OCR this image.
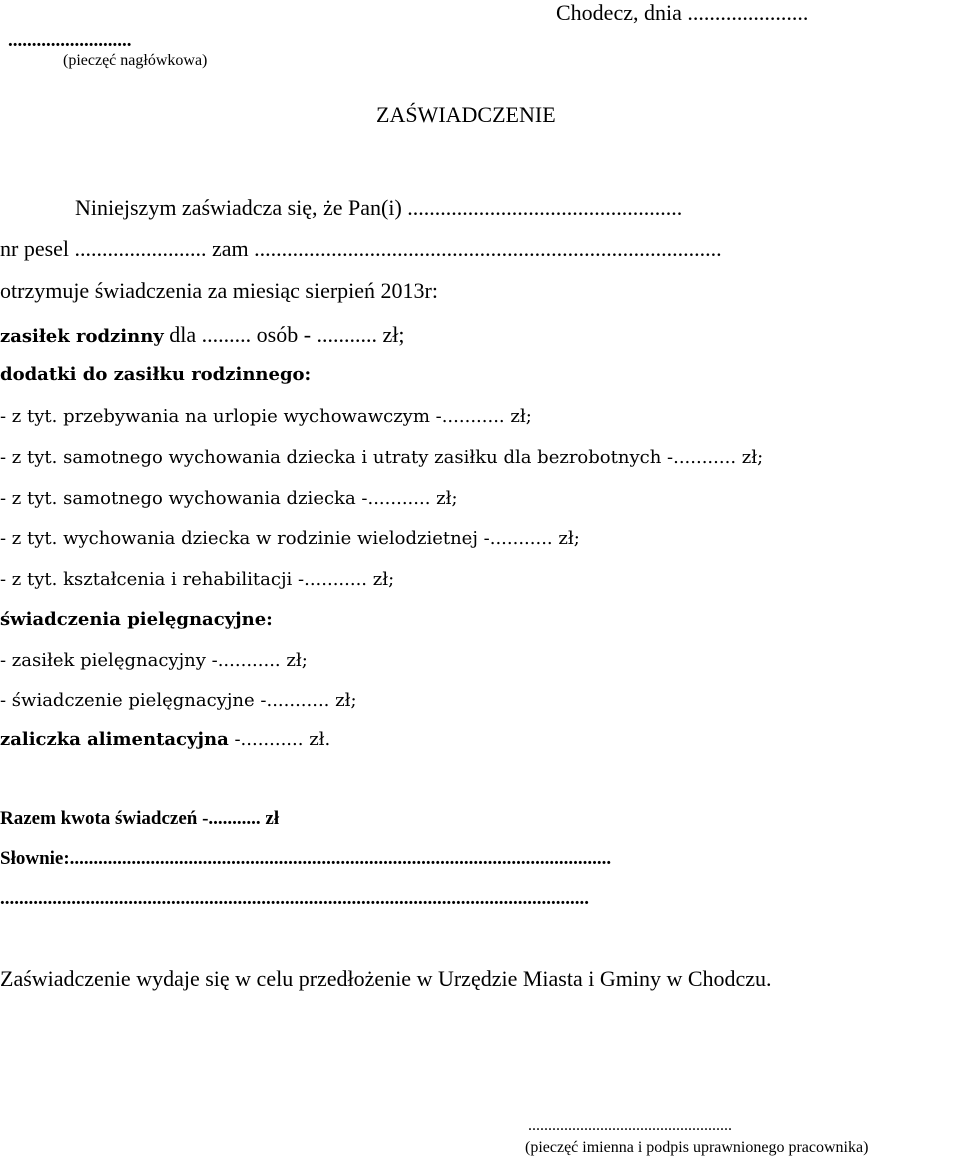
Chodecz, dnia ......................
..........................
(pieczęć nagłówkowa)
ZAŚWIADCZENIE
Niniejszym zaświadcza się, że Pan(i) ..................................................
nr pesel ........................ zam .....................................................................................
otrzymuje świadczenia za miesiąc sierpień 2013r:
zasiłek rodzinny dla ......... osób - ........... zł;
dodatki do zasiłku rodzinnego:
- z tyt. przebywania na urlopie wychowawczym -........... zł;
- z tyt. samotnego wychowania dziecka i utraty zasiłku dla bezrobotnych -........... zł;
- z tyt. samotnego wychowania dziecka -........... zł;
- z tyt. wychowania dziecka w rodzinie wielodzietnej -........... zł;
- z tyt. kształcenia i rehabilitacji -........... zł;
świadczenia pielęgnacyjne:
- zasiłek pielęgnacyjny -........... zł;
- świadczenie pielęgnacyjne -........... zł;
zaliczka alimentacyjna -........... zł.
Razem kwota świadczeń -........... zł
Słownie:..................................................................................................................
............................................................................................................................
Zaświadczenie wydaje się w celu przedłożenie w Urzędzie Miasta i Gminy w Chodczu.
...................................................
(pieczęć imienna i podpis uprawnionego pracownika)
